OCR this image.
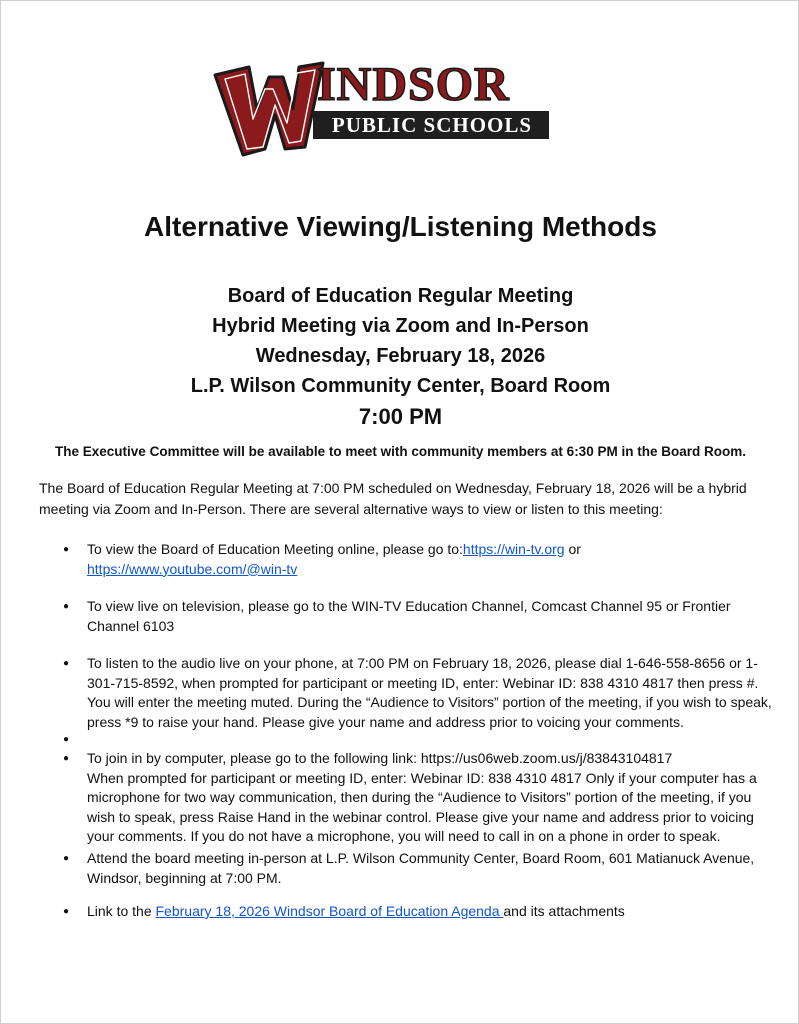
INDSOR
PUBLIC SCHOOLS
Alternative Viewing/Listening Methods
Board of Education Regular Meeting
Hybrid Meeting via Zoom and In-Person
Wednesday, February 18, 2026
L.P. Wilson Community Center, Board Room
7:00 PM
The Executive Committee will be available to meet with community members at 6:30 PM in the Board Room.
The Board of Education Regular Meeting at 7:00 PM scheduled on Wednesday, February 18, 2026 will be a hybrid meeting via Zoom and In-Person. There are several alternative ways to view or listen to this meeting:
● To view the Board of Education Meeting online, please go to:https://win-tv.org or
https://www.youtube.com/@win-tv
● To view live on television, please go to the WIN-TV Education Channel, Comcast Channel 95 or Frontier Channel 6103
● To listen to the audio live on your phone, at 7:00 PM on February 18, 2026, please dial 1-646-558-8656 or 1-301-715-8592, when prompted for participant or meeting ID, enter: Webinar ID: 838 4310 4817 then press #. You will enter the meeting muted. During the “Audience to Visitors” portion of the meeting, if you wish to speak, press *9 to raise your hand. Please give your name and address prior to voicing your comments.
● To join in by computer, please go to the following link: https://us06web.zoom.us/j/83843104817
When prompted for participant or meeting ID, enter: Webinar ID: 838 4310 4817 Only if your computer has a microphone for two way communication, then during the “Audience to Visitors” portion of the meeting, if you wish to speak, press Raise Hand in the webinar control. Please give your name and address prior to voicing your comments. If you do not have a microphone, you will need to call in on a phone in order to speak.
● Attend the board meeting in-person at L.P. Wilson Community Center, Board Room, 601 Matianuck Avenue, Windsor, beginning at 7:00 PM.
● Link to the February 18, 2026 Windsor Board of Education Agenda and its attachments
